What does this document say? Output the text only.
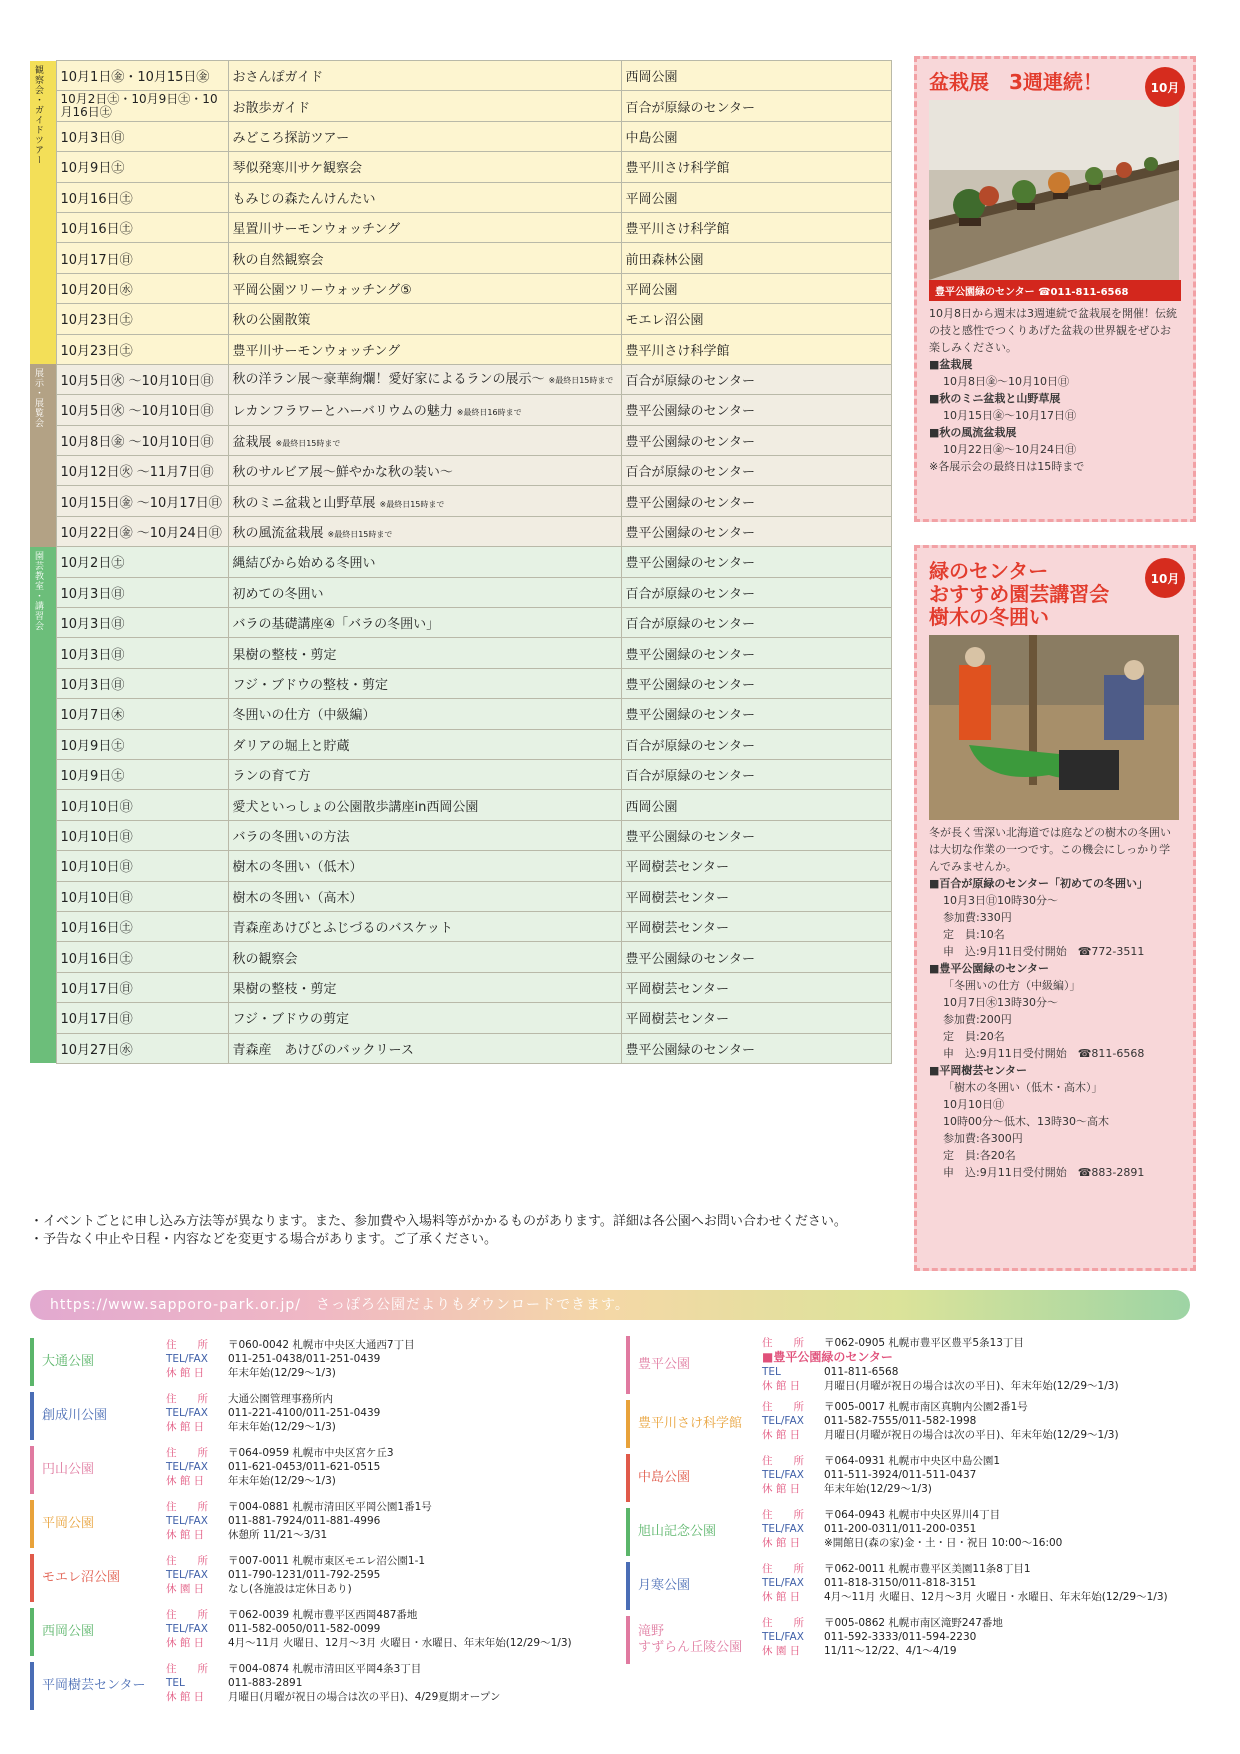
観察会・ガイドツアー	10月1日㊎・10月15日㊎	おさんぽガイド	西岡公園
	10月2日㊏・10月9日㊏・10月16日㊏	お散歩ガイド	百合が原緑のセンター
	10月3日㊐	みどころ探訪ツアー	中島公園
	10月9日㊏	琴似発寒川サケ観察会	豊平川さけ科学館
	10月16日㊏	もみじの森たんけんたい	平岡公園
	10月16日㊏	星置川サーモンウォッチング	豊平川さけ科学館
	10月17日㊐	秋の自然観察会	前田森林公園
	10月20日㊌	平岡公園ツリーウォッチング⑤	平岡公園
	10月23日㊏	秋の公園散策	モエレ沼公園
	10月23日㊏	豊平川サーモンウォッチング	豊平川さけ科学館

展示・展覧会	10月5日㊋ ～10月10日㊐	秋の洋ラン展～豪華絢爛！愛好家によるランの展示～ ※最終日15時まで	百合が原緑のセンター
	10月5日㊋ ～10月10日㊐	レカンフラワーとハーバリウムの魅力 ※最終日16時まで	豊平公園緑のセンター
	10月8日㊎ ～10月10日㊐	盆栽展 ※最終日15時まで	豊平公園緑のセンター
	10月12日㊋ ～11月7日㊐	秋のサルビア展～鮮やかな秋の装い～	百合が原緑のセンター
	10月15日㊎ ～10月17日㊐	秋のミニ盆栽と山野草展 ※最終日15時まで	豊平公園緑のセンター
	10月22日㊎ ～10月24日㊐	秋の風流盆栽展 ※最終日15時まで	豊平公園緑のセンター

園芸教室・講習会	10月2日㊏	縄結びから始める冬囲い	豊平公園緑のセンター
	10月3日㊐	初めての冬囲い	百合が原緑のセンター
	10月3日㊐	バラの基礎講座④「バラの冬囲い」	百合が原緑のセンター
	10月3日㊐	果樹の整枝・剪定	豊平公園緑のセンター
	10月3日㊐	フジ・ブドウの整枝・剪定	豊平公園緑のセンター
	10月7日㊍	冬囲いの仕方（中級編）	豊平公園緑のセンター
	10月9日㊏	ダリアの堀上と貯蔵	百合が原緑のセンター
	10月9日㊏	ランの育て方	百合が原緑のセンター
	10月10日㊐	愛犬といっしょの公園散歩講座in西岡公園	西岡公園
	10月10日㊐	バラの冬囲いの方法	豊平公園緑のセンター
	10月10日㊐	樹木の冬囲い（低木）	平岡樹芸センター
	10月10日㊐	樹木の冬囲い（高木）	平岡樹芸センター
	10月16日㊏	青森産あけびとふじづるのバスケット	平岡樹芸センター
	10月16日㊏	秋の観察会	豊平公園緑のセンター
	10月17日㊐	果樹の整枝・剪定	平岡樹芸センター
	10月17日㊐	フジ・ブドウの剪定	平岡樹芸センター
	10月27日㊌	青森産　あけびのバックリース	豊平公園緑のセンター
・イベントごとに申し込み方法等が異なります。また、参加費や入場料等がかかるものがあります。詳細は各公園へお問い合わせください。
・予告なく中止や日程・内容などを変更する場合があります。ご了承ください。
10月
盆栽展　3週連続！
豊平公園緑のセンター ☎011-811-6568
10月8日から週末は3週連続で盆栽展を開催！伝統の技と感性でつくりあげた盆栽の世界観をぜひお楽しみください。
■盆栽展
10月8日㊎～10月10日㊐
■秋のミニ盆栽と山野草展
10月15日㊎～10月17日㊐
■秋の風流盆栽展
10月22日㊎～10月24日㊐
※各展示会の最終日は15時まで
10月
緑のセンター
おすすめ園芸講習会
樹木の冬囲い
冬が長く雪深い北海道では庭などの樹木の冬囲いは大切な作業の一つです。この機会にしっかり学んでみませんか。
■百合が原緑のセンター「初めての冬囲い」
10月3日㊐10時30分～
参加費:330円
定　員:10名
申　込:9月11日受付開始　☎772-3511
■豊平公園緑のセンター
「冬囲いの仕方（中級編）」
10月7日㊍13時30分～
参加費:200円
定　員:20名
申　込:9月11日受付開始　☎811-6568
■平岡樹芸センター
「樹木の冬囲い（低木・高木）」
10月10日㊐
10時00分～低木、13時30～高木
参加費:各300円
定　員:各20名
申　込:9月11日受付開始　☎883-2891
https://www.sapporo-park.or.jp/　さっぽろ公園だよりもダウンロードできます。
大通公園
住　　所 〒060-0042 札幌市中央区大通西7丁目
TEL/FAX 011-251-0438/011-251-0439
休 館 日 年末年始(12/29～1/3)
創成川公園
住　　所 大通公園管理事務所内
TEL/FAX 011-221-4100/011-251-0439
休 館 日 年末年始(12/29～1/3)
円山公園
住　　所 〒064-0959 札幌市中央区宮ケ丘3
TEL/FAX 011-621-0453/011-621-0515
休 館 日 年末年始(12/29～1/3)
平岡公園
住　　所 〒004-0881 札幌市清田区平岡公園1番1号
TEL/FAX 011-881-7924/011-881-4996
休 館 日 休憩所 11/21～3/31
モエレ沼公園
住　　所 〒007-0011 札幌市東区モエレ沼公園1-1
TEL/FAX 011-790-1231/011-792-2595
休 園 日 なし(各施設は定休日あり)
西岡公園
住　　所 〒062-0039 札幌市豊平区西岡487番地
TEL/FAX 011-582-0050/011-582-0099
休 館 日 4月～11月 火曜日、12月～3月 火曜日・水曜日、年末年始(12/29～1/3)
平岡樹芸センター
住　　所 〒004-0874 札幌市清田区平岡4条3丁目
TEL　　011-883-2891
休 館 日 月曜日(月曜が祝日の場合は次の平日)、4/29夏期オープン
豊平公園
住　　所 〒062-0905 札幌市豊平区豊平5条13丁目
■豊平公園緑のセンター
TEL　　011-811-6568
休 館 日 月曜日(月曜が祝日の場合は次の平日)、年末年始(12/29～1/3)
豊平川さけ科学館
住　　所 〒005-0017 札幌市南区真駒内公園2番1号
TEL/FAX 011-582-7555/011-582-1998
休 館 日 月曜日(月曜が祝日の場合は次の平日)、年末年始(12/29～1/3)
中島公園
住　　所 〒064-0931 札幌市中央区中島公園1
TEL/FAX 011-511-3924/011-511-0437
休 館 日 年末年始(12/29～1/3)
旭山記念公園
住　　所 〒064-0943 札幌市中央区界川4丁目
TEL/FAX 011-200-0311/011-200-0351
休 館 日 ※開館日(森の家)金・土・日・祝日 10:00～16:00
月寒公園
住　　所 〒062-0011 札幌市豊平区美園11条8丁目1
TEL/FAX 011-818-3150/011-818-3151
休 館 日 4月～11月 火曜日、12月～3月 火曜日・水曜日、年末年始(12/29～1/3)
滝野
すずらん丘陵公園
住　　所 〒005-0862 札幌市南区滝野247番地
TEL/FAX 011-592-3333/011-594-2230
休 園 日 11/11～12/22、4/1～4/19
